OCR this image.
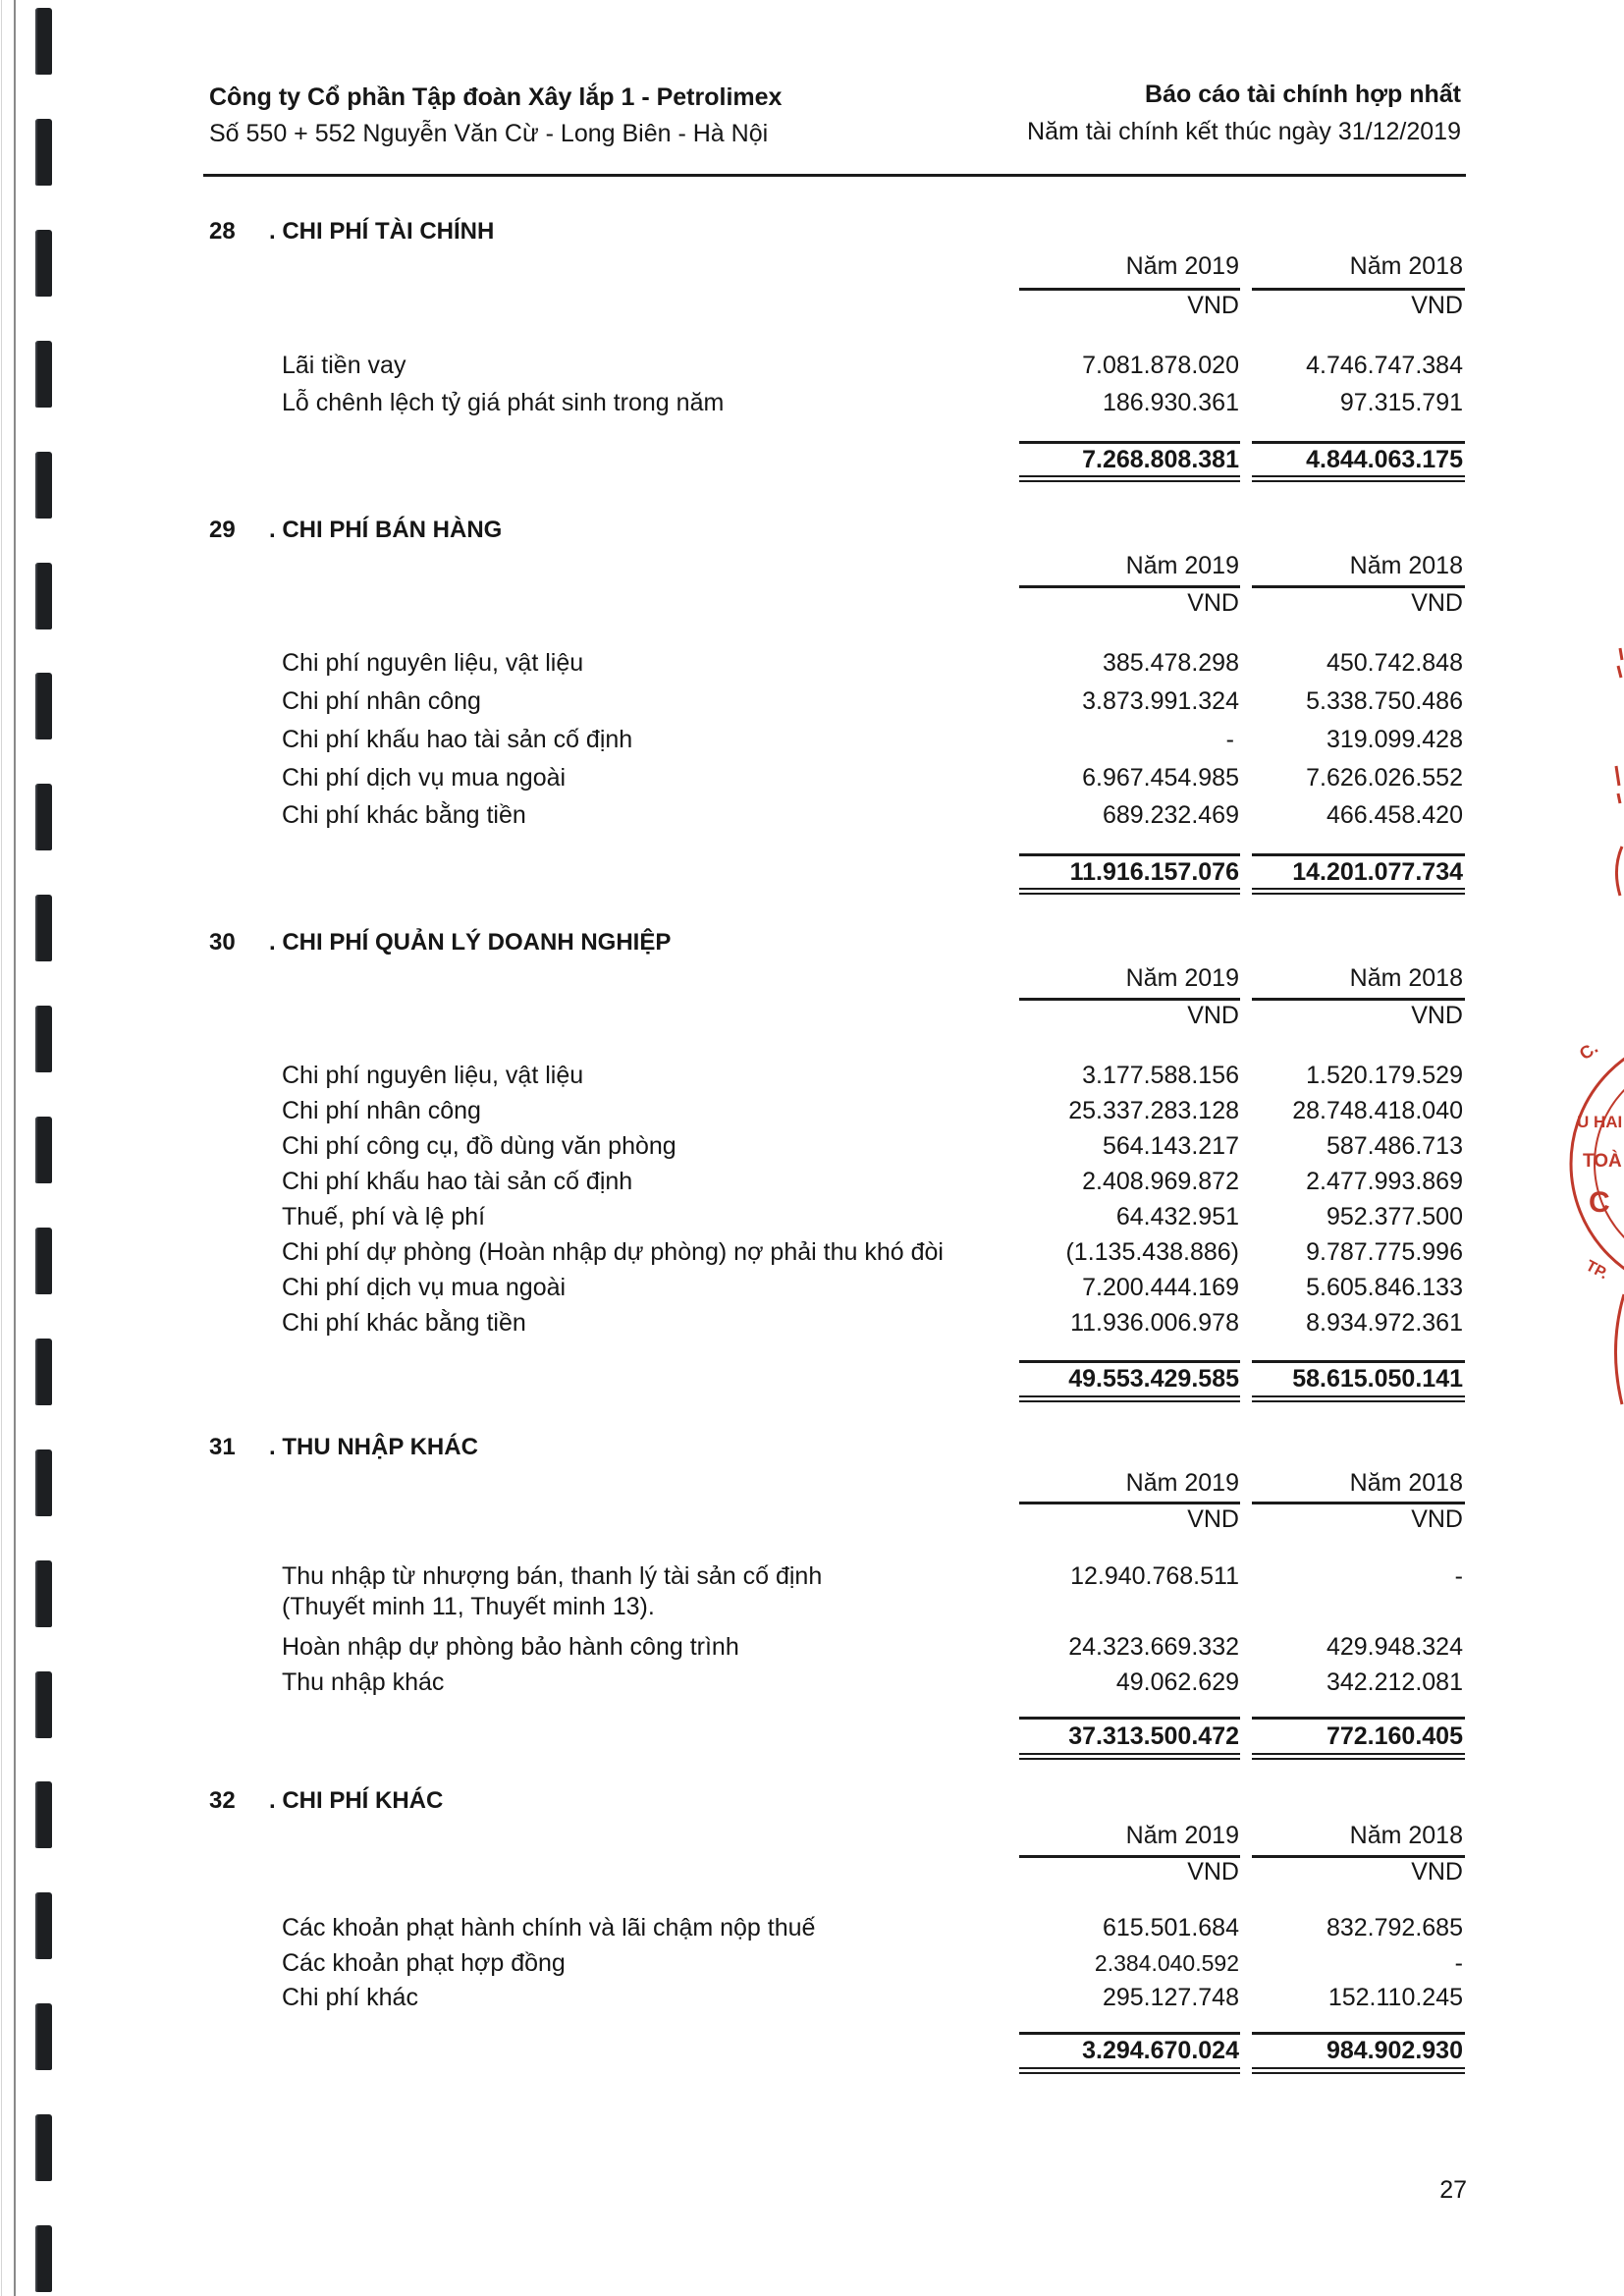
Công ty Cổ phần Tập đoàn Xây lắp 1 - Petrolimex
Số 550 + 552 Nguyễn Văn Cừ - Long Biên - Hà Nội
Báo cáo tài chính hợp nhất
Năm tài chính kết thúc ngày 31/12/2019
28 . CHI PHÍ TÀI CHÍNH
Năm 2019	Năm 2018
VND	VND
Lãi tiền vay	7.081.878.020	4.746.747.384
Lỗ chênh lệch tỷ giá phát sinh trong năm	186.930.361	97.315.791
7.268.808.381	4.844.063.175
29 . CHI PHÍ BÁN HÀNG
Năm 2019	Năm 2018
VND	VND
Chi phí nguyên liệu, vật liệu	385.478.298	450.742.848
Chi phí nhân công	3.873.991.324	5.338.750.486
Chi phí khấu hao tài sản cố định	-	319.099.428
Chi phí dịch vụ mua ngoài	6.967.454.985	7.626.026.552
Chi phí khác bằng tiền	689.232.469	466.458.420
11.916.157.076 14.201.077.734
30 . CHI PHÍ QUẢN LÝ DOANH NGHIỆP
Năm 2019	Năm 2018
VND	VND
Chi phí nguyên liệu, vật liệu	3.177.588.156	1.520.179.529
Chi phí nhân công	25.337.283.128 28.748.418.040
Chi phí công cụ, đồ dùng văn phòng	564.143.217	587.486.713
Chi phí khấu hao tài sản cố định	2.408.969.872	2.477.993.869
Thuế, phí và lệ phí	64.432.951	952.377.500
Chi phí dự phòng (Hoàn nhập dự phòng) nợ phải thu khó đòi	(1.135.438.886)	9.787.775.996
Chi phí dịch vụ mua ngoài	7.200.444.169	5.605.846.133
Chi phí khác bằng tiền	11.936.006.978	8.934.972.361
49.553.429.585 58.615.050.141
31 . THU NHẬP KHÁC
Năm 2019	Năm 2018
VND	VND
Thu nhập từ nhượng bán, thanh lý tài sản cố định	12.940.768.511	-
(Thuyết minh 11, Thuyết minh 13).
Hoàn nhập dự phòng bảo hành công trình	24.323.669.332	429.948.324
Thu nhập khác	49.062.629	342.212.081
37.313.500.472	772.160.405
32 . CHI PHÍ KHÁC
Năm 2019	Năm 2018
VND	VND
Các khoản phạt hành chính và lãi chậm nộp thuế	615.501.684	832.792.685
Các khoản phạt hợp đồng	2.384.040.592	-
Chi phí khác	295.127.748	152.110.245
3.294.670.024	984.902.930
27
C.
U HAI
TOÀ
C
TP.
